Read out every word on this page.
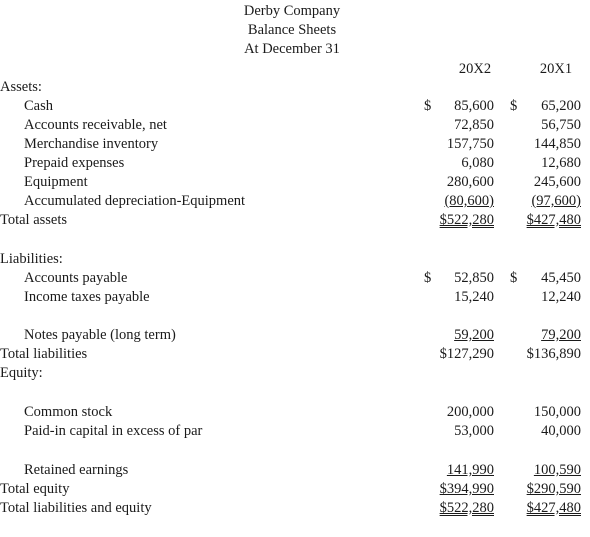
Derby Company
Balance Sheets
At December 31
20X2	20X1
Assets:
Cash	$ 85,600 $ 65,200
Accounts receivable, net	72,850	56,750
Merchandise inventory	157,750	144,850
Prepaid expenses	6,080	12,680
Equipment	280,600	245,600
Accumulated depreciation-Equipment	(80,600)	(97,600)
Total assets	$522,280 $427,480
Liabilities:
Accounts payable	$ 52,850 $ 45,450
Income taxes payable	15,240	12,240
Notes payable (long term)	59,200	79,200
Total liabilities	$127,290 $136,890
Equity:
Common stock	200,000	150,000
Paid-in capital in excess of par	53,000	40,000
Retained earnings	141,990	100,590
Total equity	$394,990 $290,590
Total liabilities and equity	$522,280 $427,480
